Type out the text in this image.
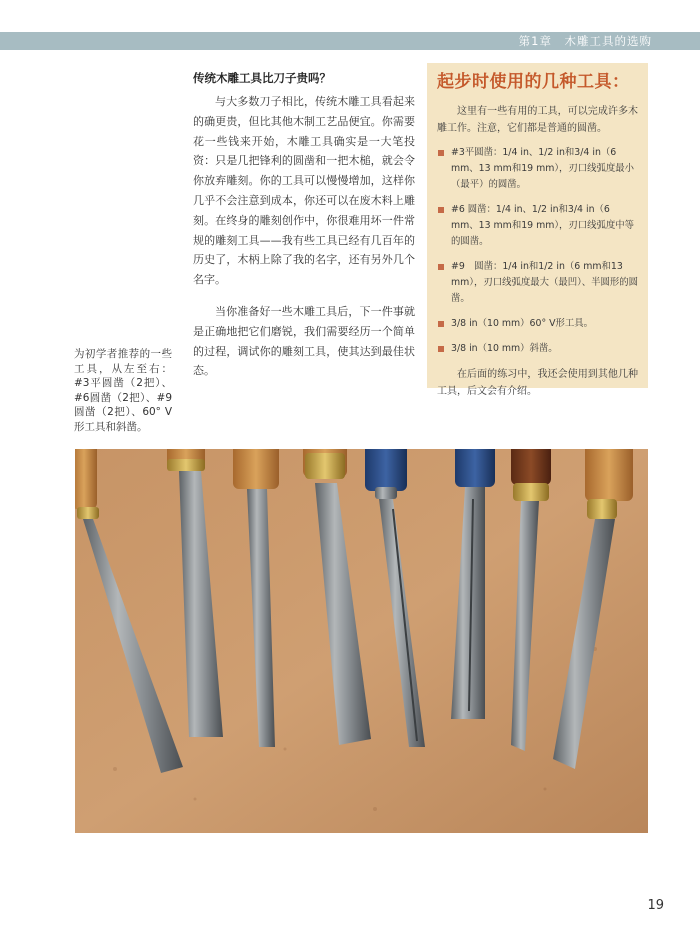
第1章　木雕工具的选购
传统木雕工具比刀子贵吗？

与大多数刀子相比，传统木雕工具看起来的确更贵，但比其他木制工艺品便宜。你需要花一些钱来开始，木雕工具确实是一大笔投资：只是几把锋利的圆凿和一把木槌，就会令你放弃雕刻。你的工具可以慢慢增加，这样你几乎不会注意到成本，你还可以在废木料上雕刻。在终身的雕刻创作中，你很难用坏一件常规的雕刻工具——我有些工具已经有几百年的历史了，木柄上除了我的名字，还有另外几个名字。

当你准备好一些木雕工具后，下一件事就是正确地把它们磨锐，我们需要经历一个简单的过程，调试你的雕刻工具，使其达到最佳状态。

为初学者推荐的一些工具，从左至右：#3平圆凿（2把）、#6圆凿（2把）、#9圆凿（2把）、60° V形工具和斜凿。
起步时使用的几种工具：

这里有一些有用的工具，可以完成许多木雕工作。注意，它们都是普通的圆凿。

#3平圆凿：1/4 in、1/2 in和3/4 in（6 mm、13 mm和19 mm），刃口线弧度最小（最平）的圆凿。
#6 圆凿：1/4 in、1/2 in和3/4 in（6 mm、13 mm和19 mm），刃口线弧度中等的圆凿。
#9　圆凿：1/4 in和1/2 in（6 mm和13 mm），刃口线弧度最大（最凹）、半圆形的圆凿。
3/8 in（10 mm）60° V形工具。
3/8 in（10 mm）斜凿。

在后面的练习中，我还会使用到其他几种工具，后文会有介绍。

19
